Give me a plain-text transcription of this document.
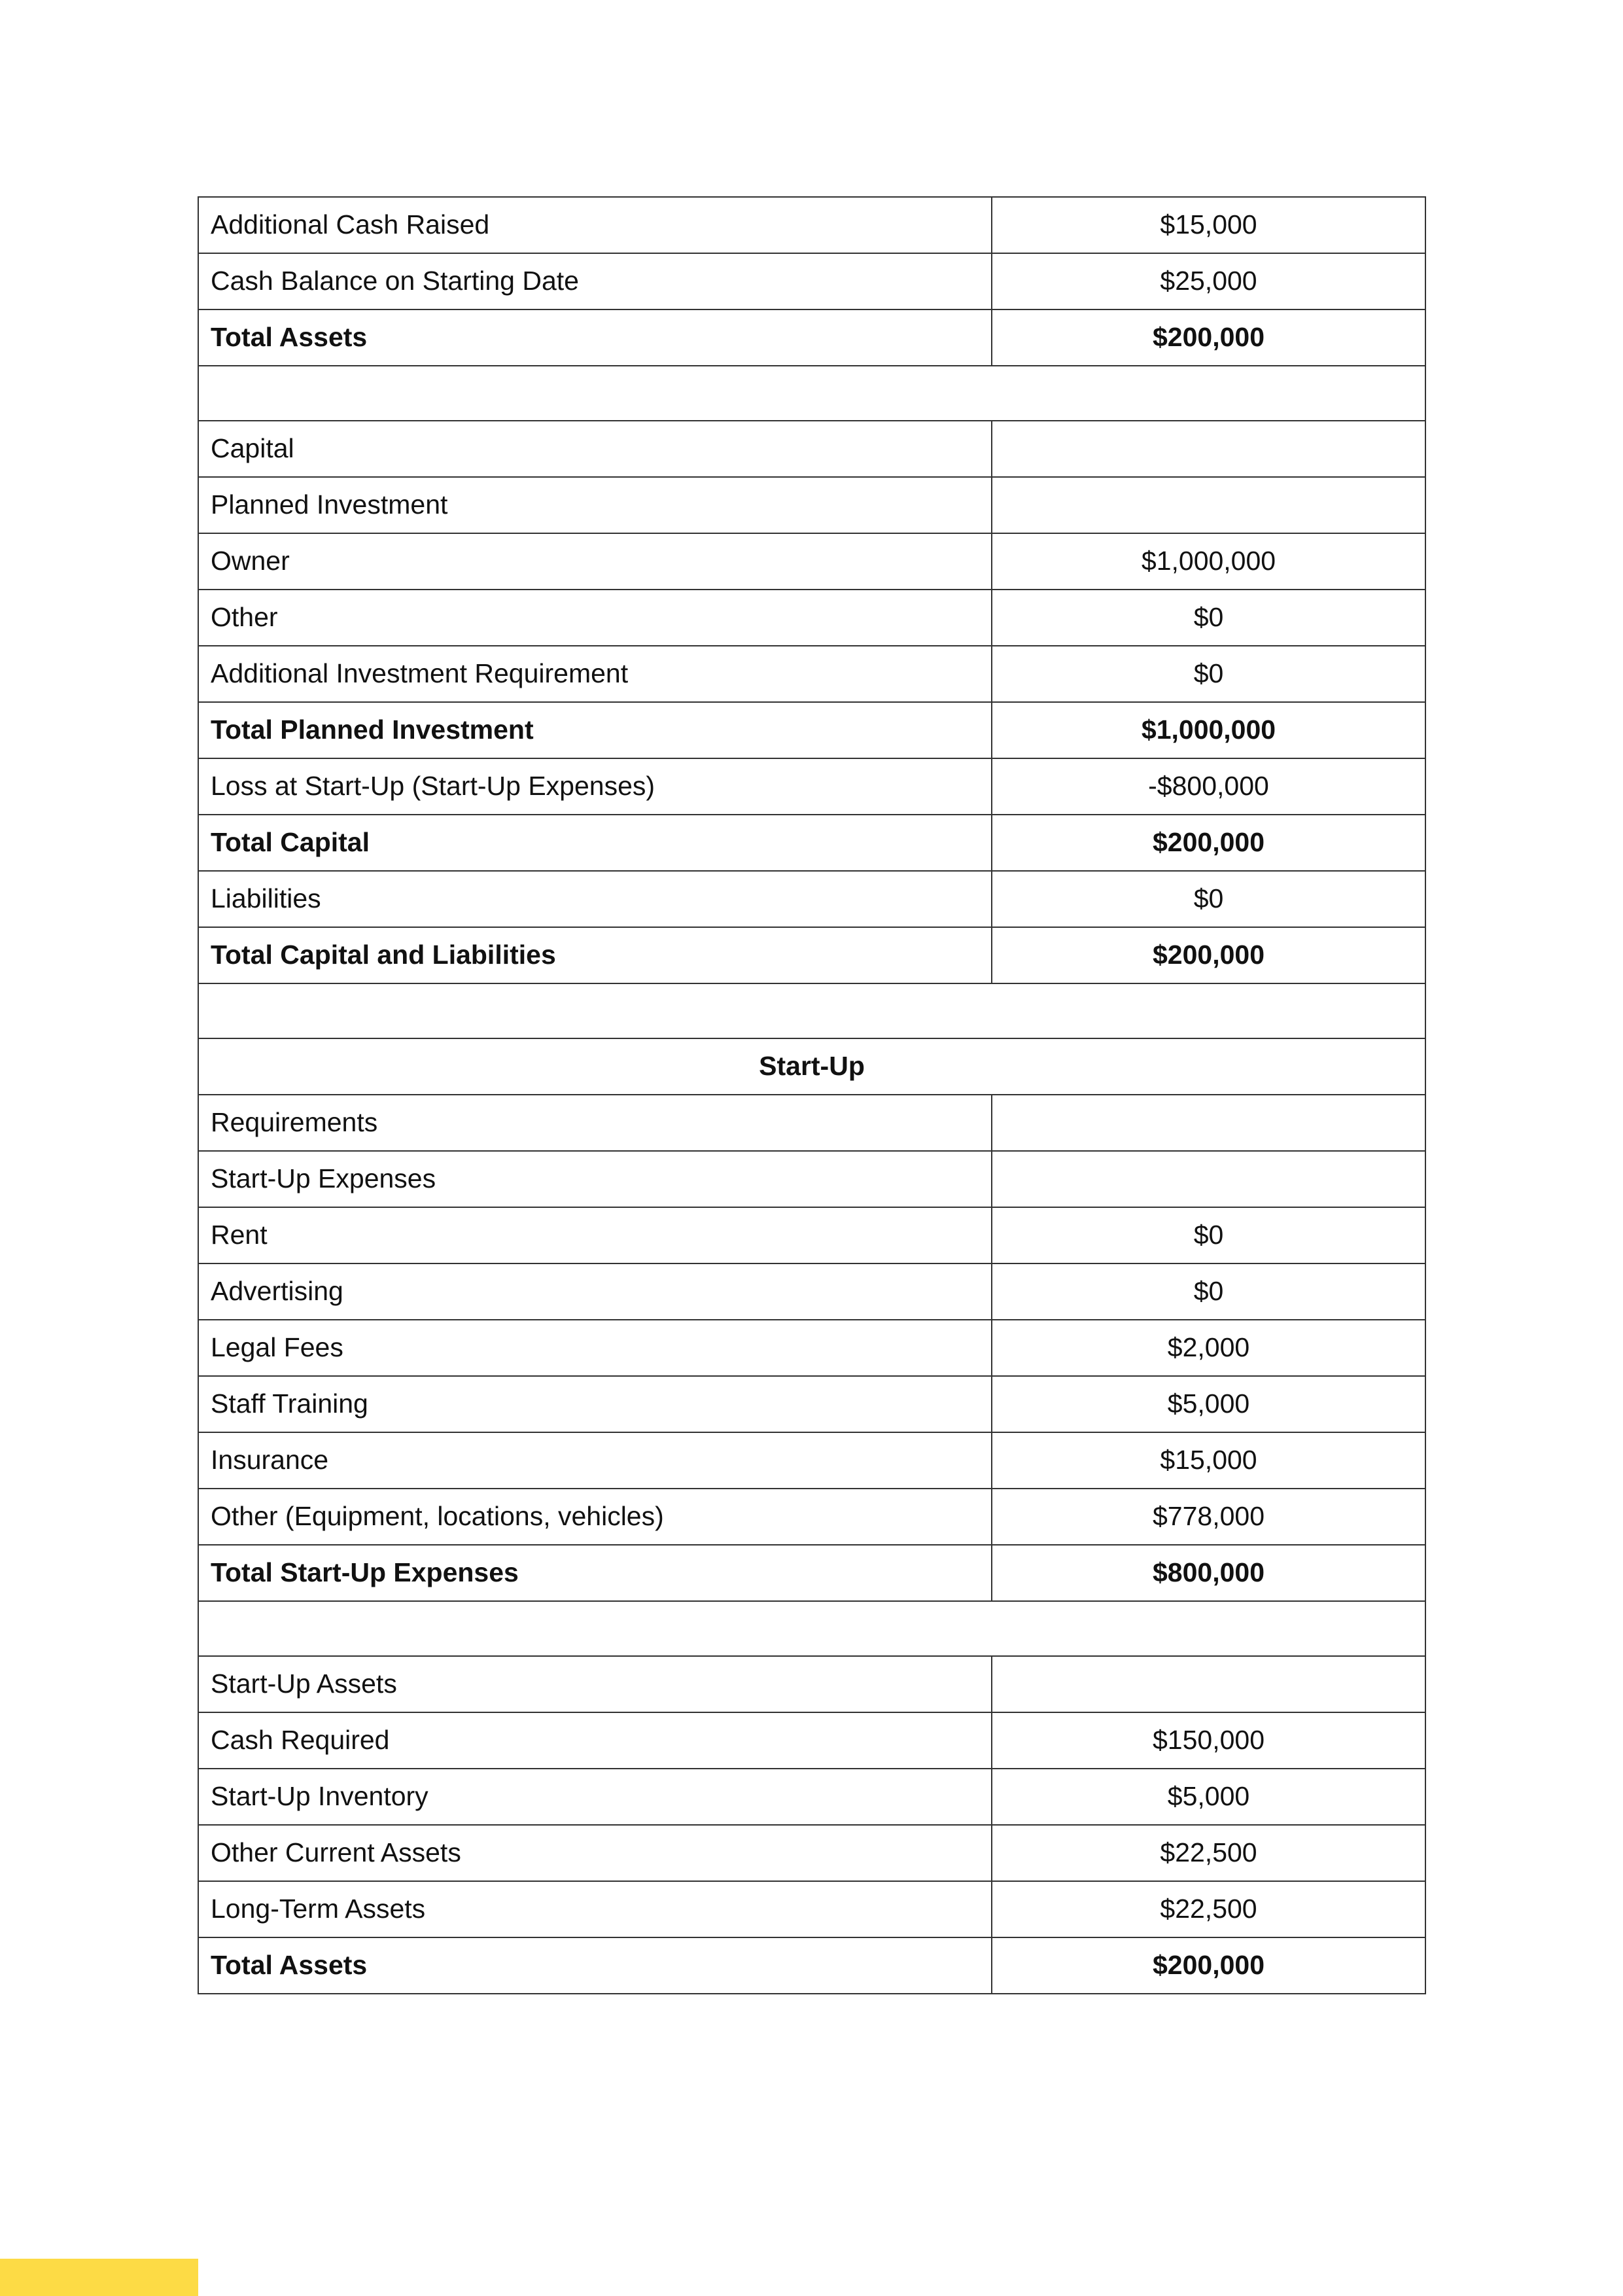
Additional Cash Raised	$15,000
Cash Balance on Starting Date	$25,000
Total Assets	$200,000

Capital	
Planned Investment	
Owner	$1,000,000
Other	$0
Additional Investment Requirement	$0
Total Planned Investment	$1,000,000
Loss at Start-Up (Start-Up Expenses)	-$800,000
Total Capital	$200,000
Liabilities	$0
Total Capital and Liabilities	$200,000

Start-Up	
Requirements	
Start-Up Expenses	
Rent	$0
Advertising	$0
Legal Fees	$2,000
Staff Training	$5,000
Insurance	$15,000
Other (Equipment, locations, vehicles)	$778,000
Total Start-Up Expenses	$800,000

Start-Up Assets	
Cash Required	$150,000
Start-Up Inventory	$5,000
Other Current Assets	$22,500
Long-Term Assets	$22,500
Total Assets	$200,000
